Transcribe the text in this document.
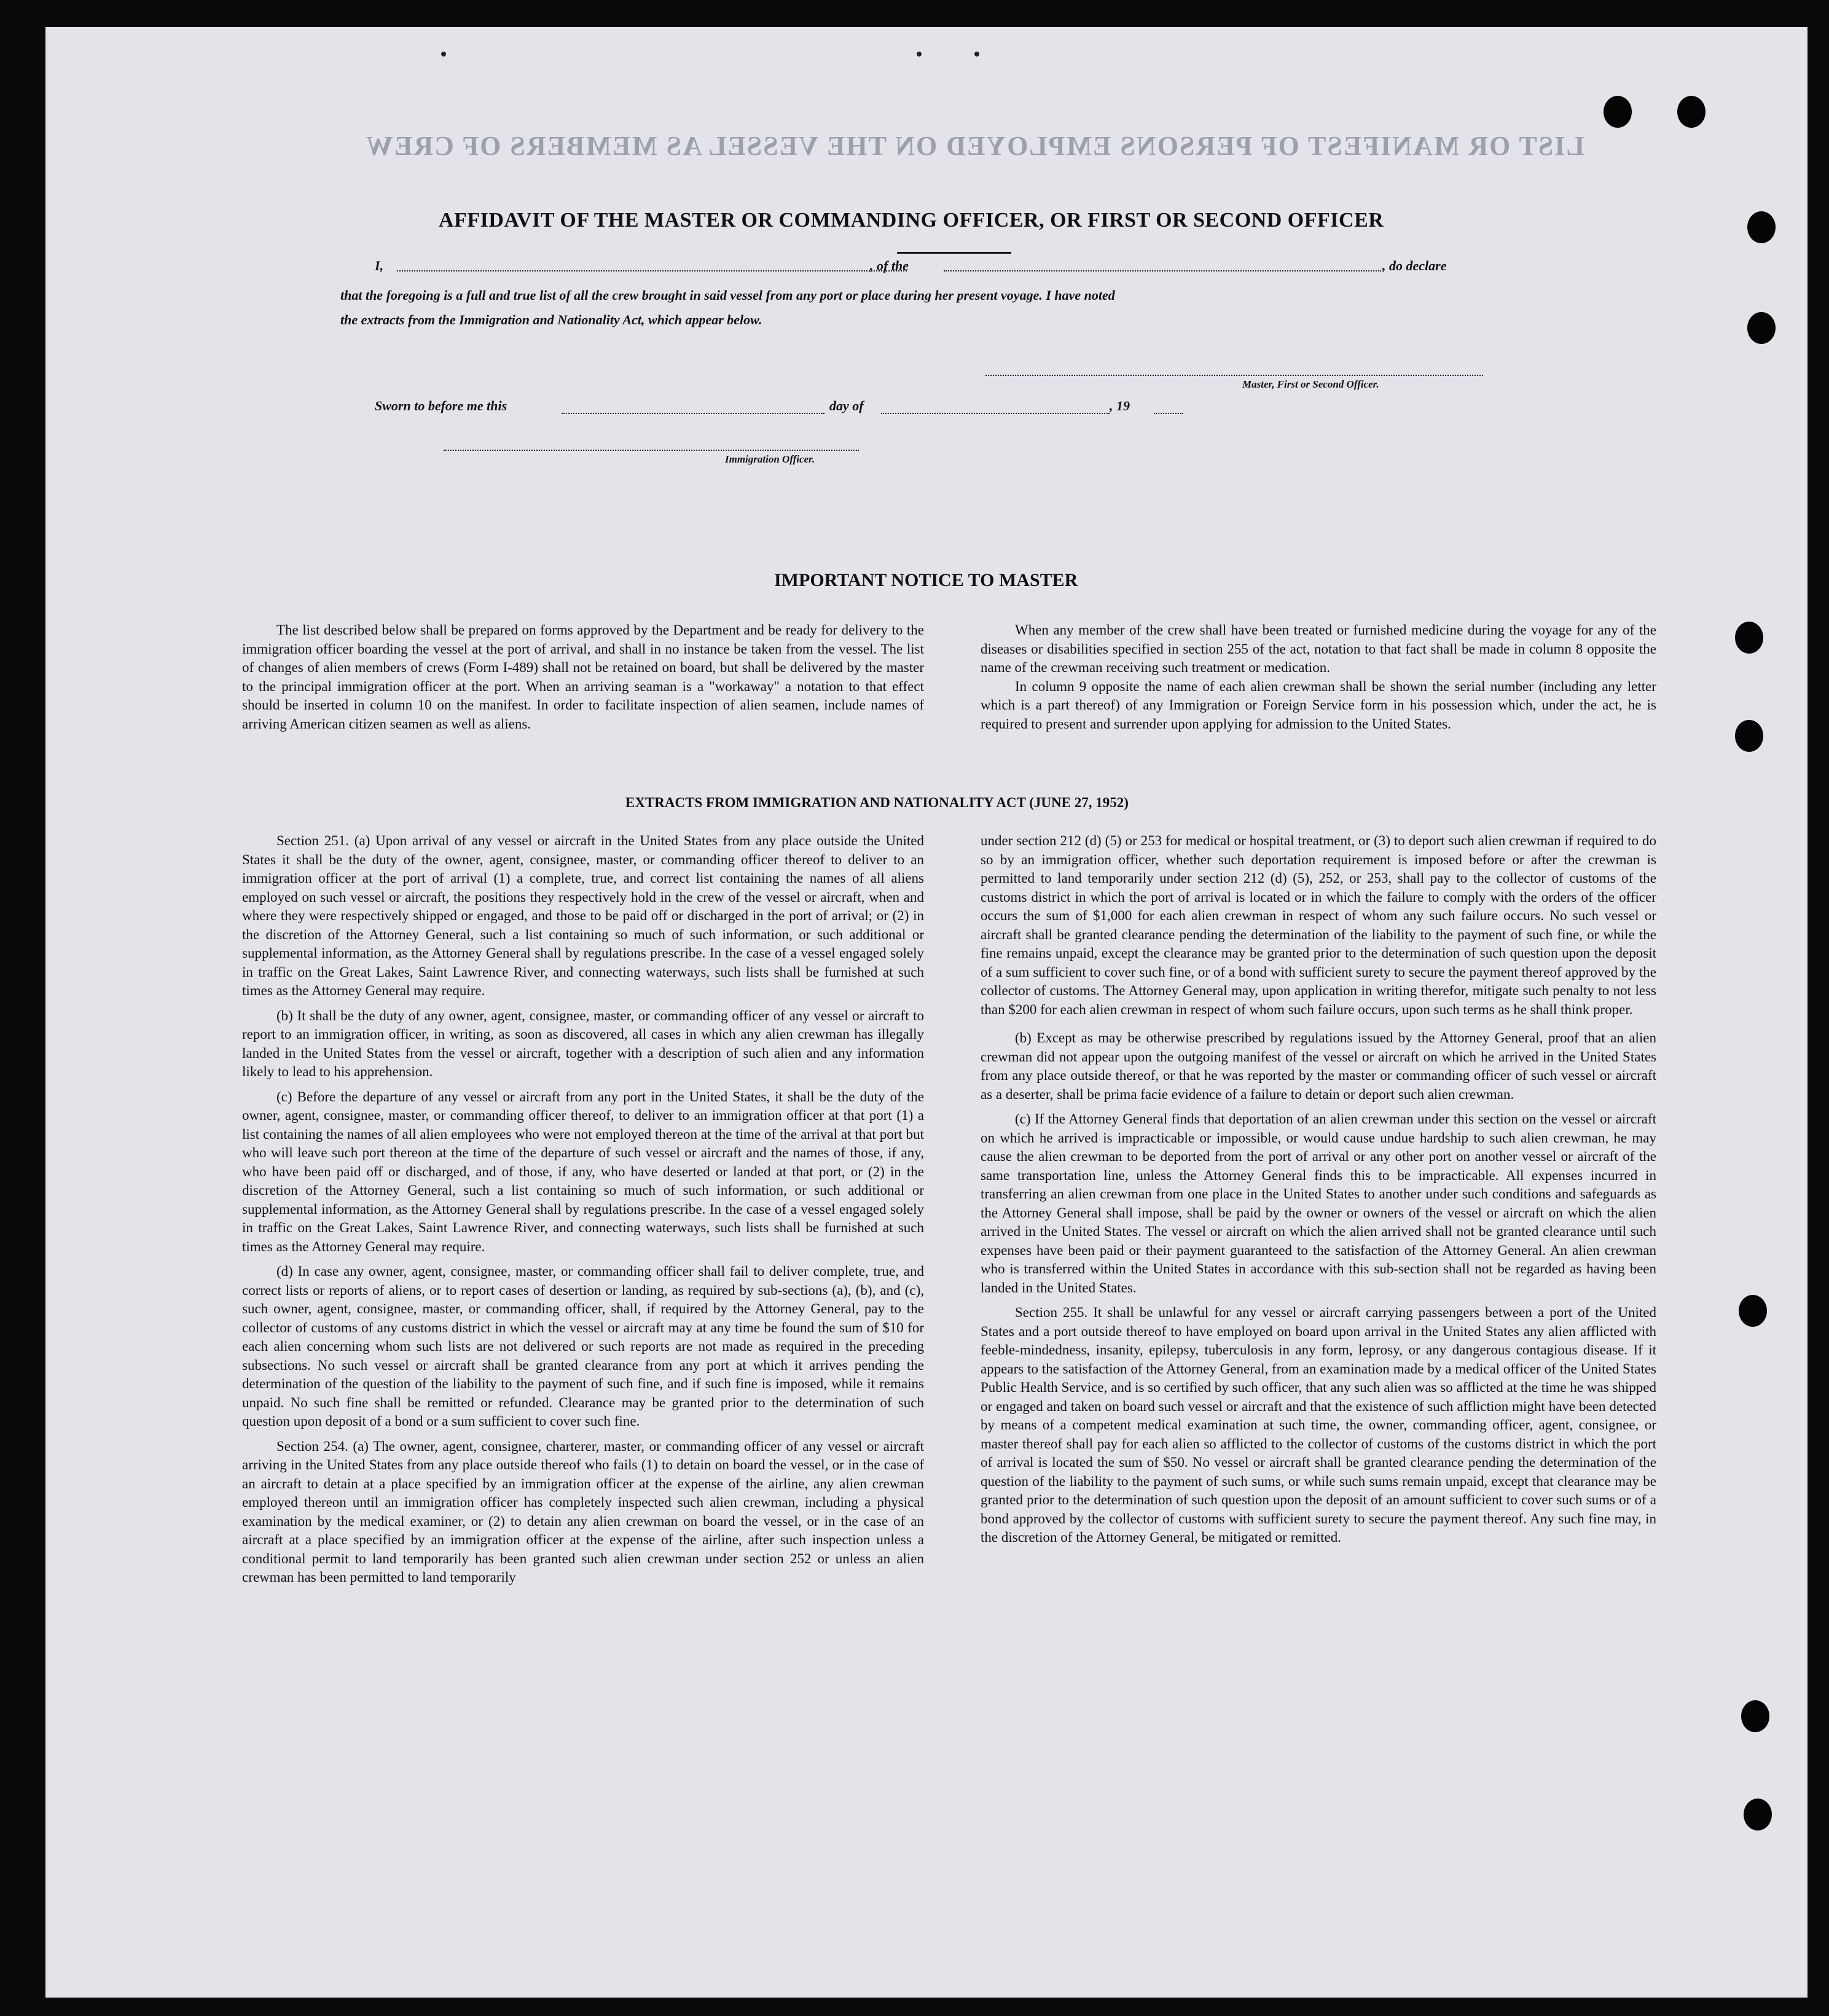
LIST OR MANIFEST OF PERSONS EMPLOYED ON THE VESSEL AS MEMBERS OF CREW
AFFIDAVIT OF THE MASTER OR COMMANDING OFFICER, OR FIRST OR SECOND OFFICER
I,	, of the	, do declare
that the foregoing is a full and true list of all the crew brought in said vessel from any port or place during her present voyage. I have noted
the extracts from the Immigration and Nationality Act, which appear below.
Master, First or Second Officer.
Sworn to before me this	day of	, 19
Immigration Officer.
IMPORTANT NOTICE TO MASTER

The list described below shall be prepared on forms approved by the Department and be ready for delivery to the immigration officer boarding the vessel at the port of arrival, and shall in no instance be taken from the vessel. The list of changes of alien members of crews (Form I-489) shall not be retained on board, but shall be delivered by the master to the principal immigration officer at the port. When an arriving seaman is a "workaway" a notation to that effect should be inserted in column 10 on the manifest. In order to facilitate inspection of alien seamen, include names of arriving American citizen seamen as well as aliens.

When any member of the crew shall have been treated or furnished medicine during the voyage for any of the diseases or disabilities specified in section 255 of the act, notation to that fact shall be made in column 8 opposite the name of the crewman receiving such treatment or medication.

In column 9 opposite the name of each alien crewman shall be shown the serial number (including any letter which is a part thereof) of any Immigration or Foreign Service form in his possession which, under the act, he is required to present and surrender upon applying for admission to the United States.

EXTRACTS FROM IMMIGRATION AND NATIONALITY ACT (JUNE 27, 1952)

Section 251. (a) Upon arrival of any vessel or aircraft in the United States from any place outside the United States it shall be the duty of the owner, agent, consignee, master, or commanding officer thereof to deliver to an immigration officer at the port of arrival (1) a complete, true, and correct list containing the names of all aliens employed on such vessel or aircraft, the positions they respectively hold in the crew of the vessel or aircraft, when and where they were respectively shipped or engaged, and those to be paid off or discharged in the port of arrival; or (2) in the discretion of the Attorney General, such a list containing so much of such information, or such additional or supplemental information, as the Attorney General shall by regulations prescribe. In the case of a vessel engaged solely in traffic on the Great Lakes, Saint Lawrence River, and connecting waterways, such lists shall be furnished at such times as the Attorney General may require.

(b) It shall be the duty of any owner, agent, consignee, master, or commanding officer of any vessel or aircraft to report to an immigration officer, in writing, as soon as discovered, all cases in which any alien crewman has illegally landed in the United States from the vessel or aircraft, together with a description of such alien and any information likely to lead to his apprehension.

(c) Before the departure of any vessel or aircraft from any port in the United States, it shall be the duty of the owner, agent, consignee, master, or commanding officer thereof, to deliver to an immigration officer at that port (1) a list containing the names of all alien employees who were not employed thereon at the time of the arrival at that port but who will leave such port thereon at the time of the departure of such vessel or aircraft and the names of those, if any, who have been paid off or discharged, and of those, if any, who have deserted or landed at that port, or (2) in the discretion of the Attorney General, such a list containing so much of such information, or such additional or supplemental information, as the Attorney General shall by regulations prescribe. In the case of a vessel engaged solely in traffic on the Great Lakes, Saint Lawrence River, and connecting waterways, such lists shall be furnished at such times as the Attorney General may require.

(d) In case any owner, agent, consignee, master, or commanding officer shall fail to deliver complete, true, and correct lists or reports of aliens, or to report cases of desertion or landing, as required by sub-sections (a), (b), and (c), such owner, agent, consignee, master, or commanding officer, shall, if required by the Attorney General, pay to the collector of customs of any customs district in which the vessel or aircraft may at any time be found the sum of $10 for each alien concerning whom such lists are not delivered or such reports are not made as required in the preceding subsections. No such vessel or aircraft shall be granted clearance from any port at which it arrives pending the determination of the question of the liability to the payment of such fine, and if such fine is imposed, while it remains unpaid. No such fine shall be remitted or refunded. Clearance may be granted prior to the determination of such question upon deposit of a bond or a sum sufficient to cover such fine.

Section 254. (a) The owner, agent, consignee, charterer, master, or commanding officer of any vessel or aircraft arriving in the United States from any place outside thereof who fails (1) to detain on board the vessel, or in the case of an aircraft to detain at a place specified by an immigration officer at the expense of the airline, any alien crewman employed thereon until an immigration officer has completely inspected such alien crewman, including a physical examination by the medical examiner, or (2) to detain any alien crewman on board the vessel, or in the case of an aircraft at a place specified by an immigration officer at the expense of the airline, after such inspection unless a conditional permit to land temporarily has been granted such alien crewman under section 252 or unless an alien crewman has been permitted to land temporarily

under section 212 (d) (5) or 253 for medical or hospital treatment, or (3) to deport such alien crewman if required to do so by an immigration officer, whether such deportation requirement is imposed before or after the crewman is permitted to land temporarily under section 212 (d) (5), 252, or 253, shall pay to the collector of customs of the customs district in which the port of arrival is located or in which the failure to comply with the orders of the officer occurs the sum of $1,000 for each alien crewman in respect of whom any such failure occurs. No such vessel or aircraft shall be granted clearance pending the determination of the liability to the payment of such fine, or while the fine remains unpaid, except the clearance may be granted prior to the determination of such question upon the deposit of a sum sufficient to cover such fine, or of a bond with sufficient surety to secure the payment thereof approved by the collector of customs. The Attorney General may, upon application in writing therefor, mitigate such penalty to not less than $200 for each alien crewman in respect of whom such failure occurs, upon such terms as he shall think proper.

(b) Except as may be otherwise prescribed by regulations issued by the Attorney General, proof that an alien crewman did not appear upon the outgoing manifest of the vessel or aircraft on which he arrived in the United States from any place outside thereof, or that he was reported by the master or commanding officer of such vessel or aircraft as a deserter, shall be prima facie evidence of a failure to detain or deport such alien crewman.

(c) If the Attorney General finds that deportation of an alien crewman under this section on the vessel or aircraft on which he arrived is impracticable or impossible, or would cause undue hardship to such alien crewman, he may cause the alien crewman to be deported from the port of arrival or any other port on another vessel or aircraft of the same transportation line, unless the Attorney General finds this to be impracticable. All expenses incurred in transferring an alien crewman from one place in the United States to another under such conditions and safeguards as the Attorney General shall impose, shall be paid by the owner or owners of the vessel or aircraft on which the alien arrived in the United States. The vessel or aircraft on which the alien arrived shall not be granted clearance until such expenses have been paid or their payment guaranteed to the satisfaction of the Attorney General. An alien crewman who is transferred within the United States in accordance with this sub-section shall not be regarded as having been landed in the United States.

Section 255. It shall be unlawful for any vessel or aircraft carrying passengers between a port of the United States and a port outside thereof to have employed on board upon arrival in the United States any alien afflicted with feeble-mindedness, insanity, epilepsy, tuberculosis in any form, leprosy, or any dangerous contagious disease. If it appears to the satisfaction of the Attorney General, from an examination made by a medical officer of the United States Public Health Service, and is so certified by such officer, that any such alien was so afflicted at the time he was shipped or engaged and taken on board such vessel or aircraft and that the existence of such affliction might have been detected by means of a competent medical examination at such time, the owner, commanding officer, agent, consignee, or master thereof shall pay for each alien so afflicted to the collector of customs of the customs district in which the port of arrival is located the sum of $50. No vessel or aircraft shall be granted clearance pending the determination of the question of the liability to the payment of such sums, or while such sums remain unpaid, except that clearance may be granted prior to the determination of such question upon the deposit of an amount sufficient to cover such sums or of a bond approved by the collector of customs with sufficient surety to secure the payment thereof. Any such fine may, in the discretion of the Attorney General, be mitigated or remitted.
